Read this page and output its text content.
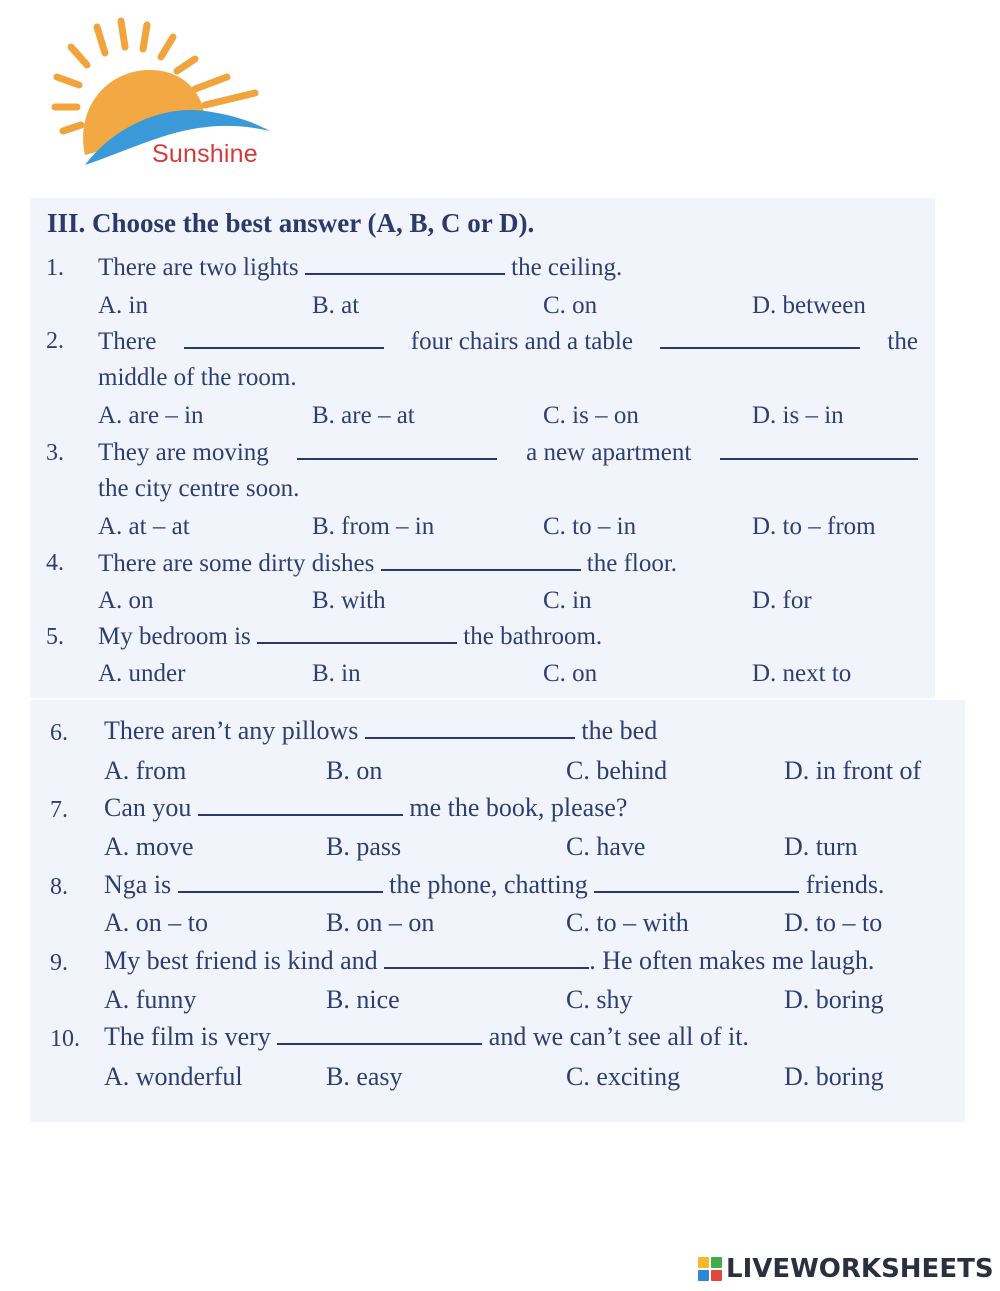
Sunshine
III. Choose the best answer (A, B, C or D).
1. There are two lights	the ceiling.
A. in	B. at	C. on	D. between
2. There	four chairs and a table	the
middle of the room.
A. are – in	B. are – at	C. is – on	D. is – in
3. They are moving	a new apartment
the city centre soon.
A. at – at	B. from – in	C. to – in	D. to – from
4. There are some dirty dishes	the floor.
A. on	B. with	C. in	D. for
5. My bedroom is	the bathroom.
A. under	B. in	C. on	D. next to
6. There aren’t any pillows	the bed
A. from	B. on	C. behind	D. in front of
7. Can you	me the book, please?
A. move	B. pass	C. have	D. turn
8. Nga is	the phone, chatting	friends.
A. on – to	B. on – on	C. to – with	D. to – to
9. My best friend is kind and	. He often makes me laugh.
A. funny	B. nice	C. shy	D. boring
10. The film is very	and we can’t see all of it.
A. wonderful	B. easy	C. exciting	D. boring
LIVEWORKSHEETS
